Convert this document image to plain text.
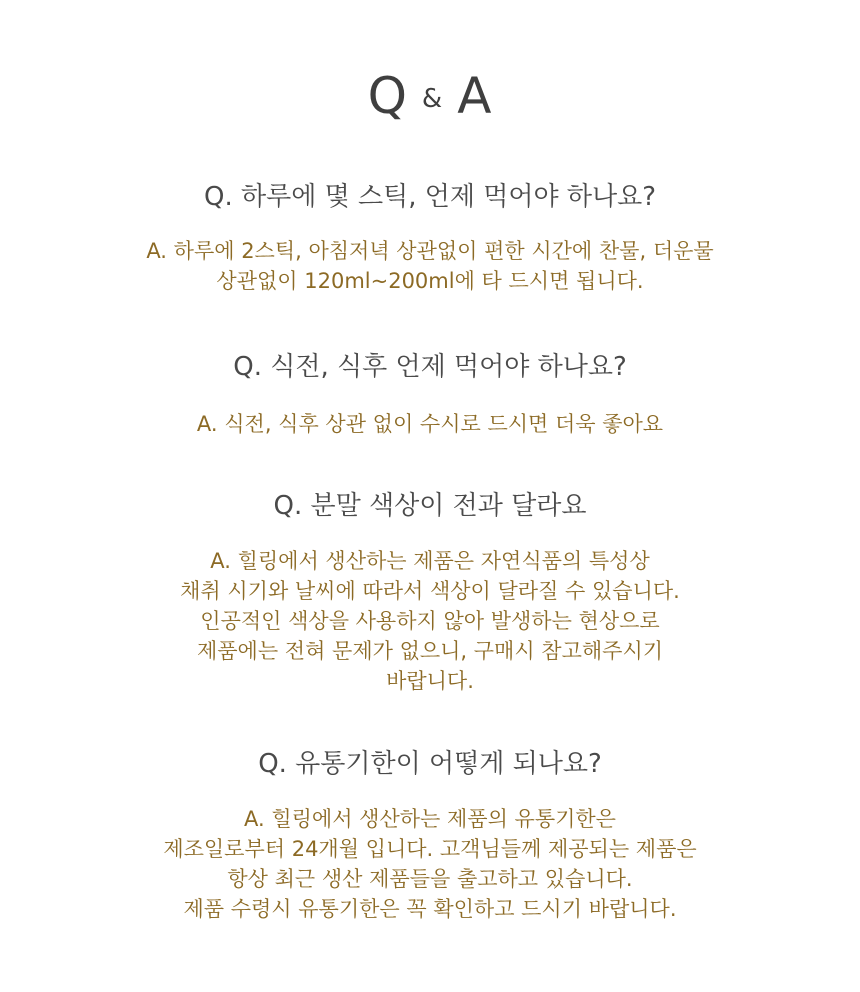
Q & A

Q. 하루에 몇 스틱, 언제 먹어야 하나요?

A. 하루에 2스틱, 아침저녁 상관없이 편한 시간에 찬물, 더운물
상관없이 120ml~200ml에 타 드시면 됩니다.

Q. 식전, 식후 언제 먹어야 하나요?

A. 식전, 식후 상관 없이 수시로 드시면 더욱 좋아요

Q. 분말 색상이 전과 달라요

A. 힐링에서 생산하는 제품은 자연식품의 특성상
채취 시기와 날씨에 따라서 색상이 달라질 수 있습니다.
인공적인 색상을 사용하지 않아 발생하는 현상으로
제품에는 전혀 문제가 없으니, 구매시 참고해주시기
바랍니다.

Q. 유통기한이 어떻게 되나요?

A. 힐링에서 생산하는 제품의 유통기한은
제조일로부터 24개월 입니다. 고객님들께 제공되는 제품은
항상 최근 생산 제품들을 출고하고 있습니다.
제품 수령시 유통기한은 꼭 확인하고 드시기 바랍니다.
